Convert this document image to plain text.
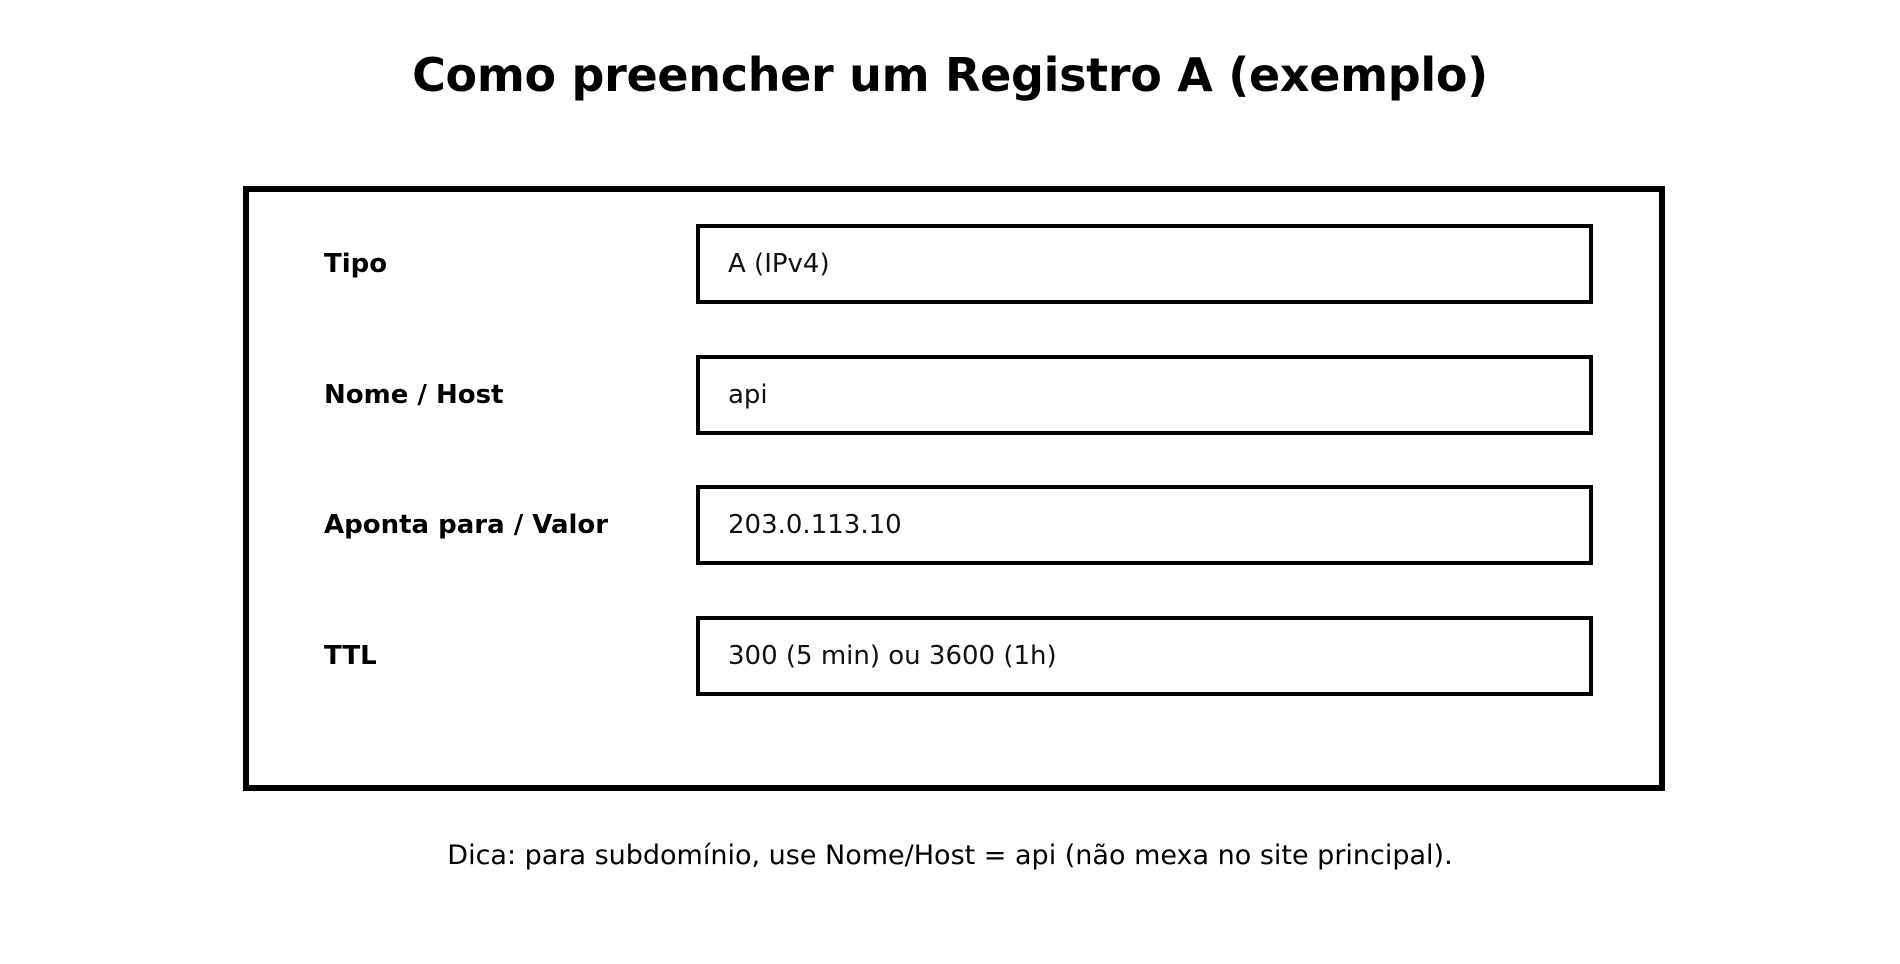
Como preencher um Registro A (exemplo)
Tipo	A (IPv4)
Nome / Host	api
Aponta para / Valor	203.0.113.10
TTL	300 (5 min) ou 3600 (1h)
Dica: para subdomínio, use Nome/Host = api (não mexa no site principal).
